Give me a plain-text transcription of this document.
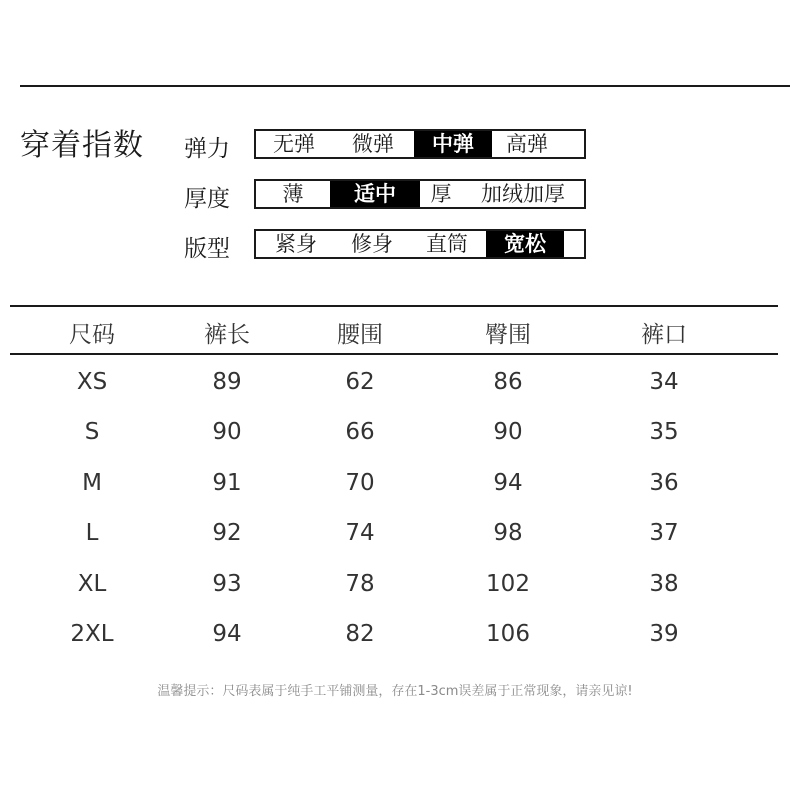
穿着指数 弹力	无弹	微弹	中弹	高弹
厚度	薄	适中	厚	加绒加厚
版型	紧身	修身	直筒	宽松
尺码	裤长	腰围	臀围	裤口
XS	89	62	86	34
S	90	66	90	35
M	91	70	94	36
L	92	74	98	37
XL	93	78	102	38
2XL	94	82	106	39
温馨提示：尺码表属于纯手工平铺测量，存在1-3cm误差属于正常现象，请亲见谅!
